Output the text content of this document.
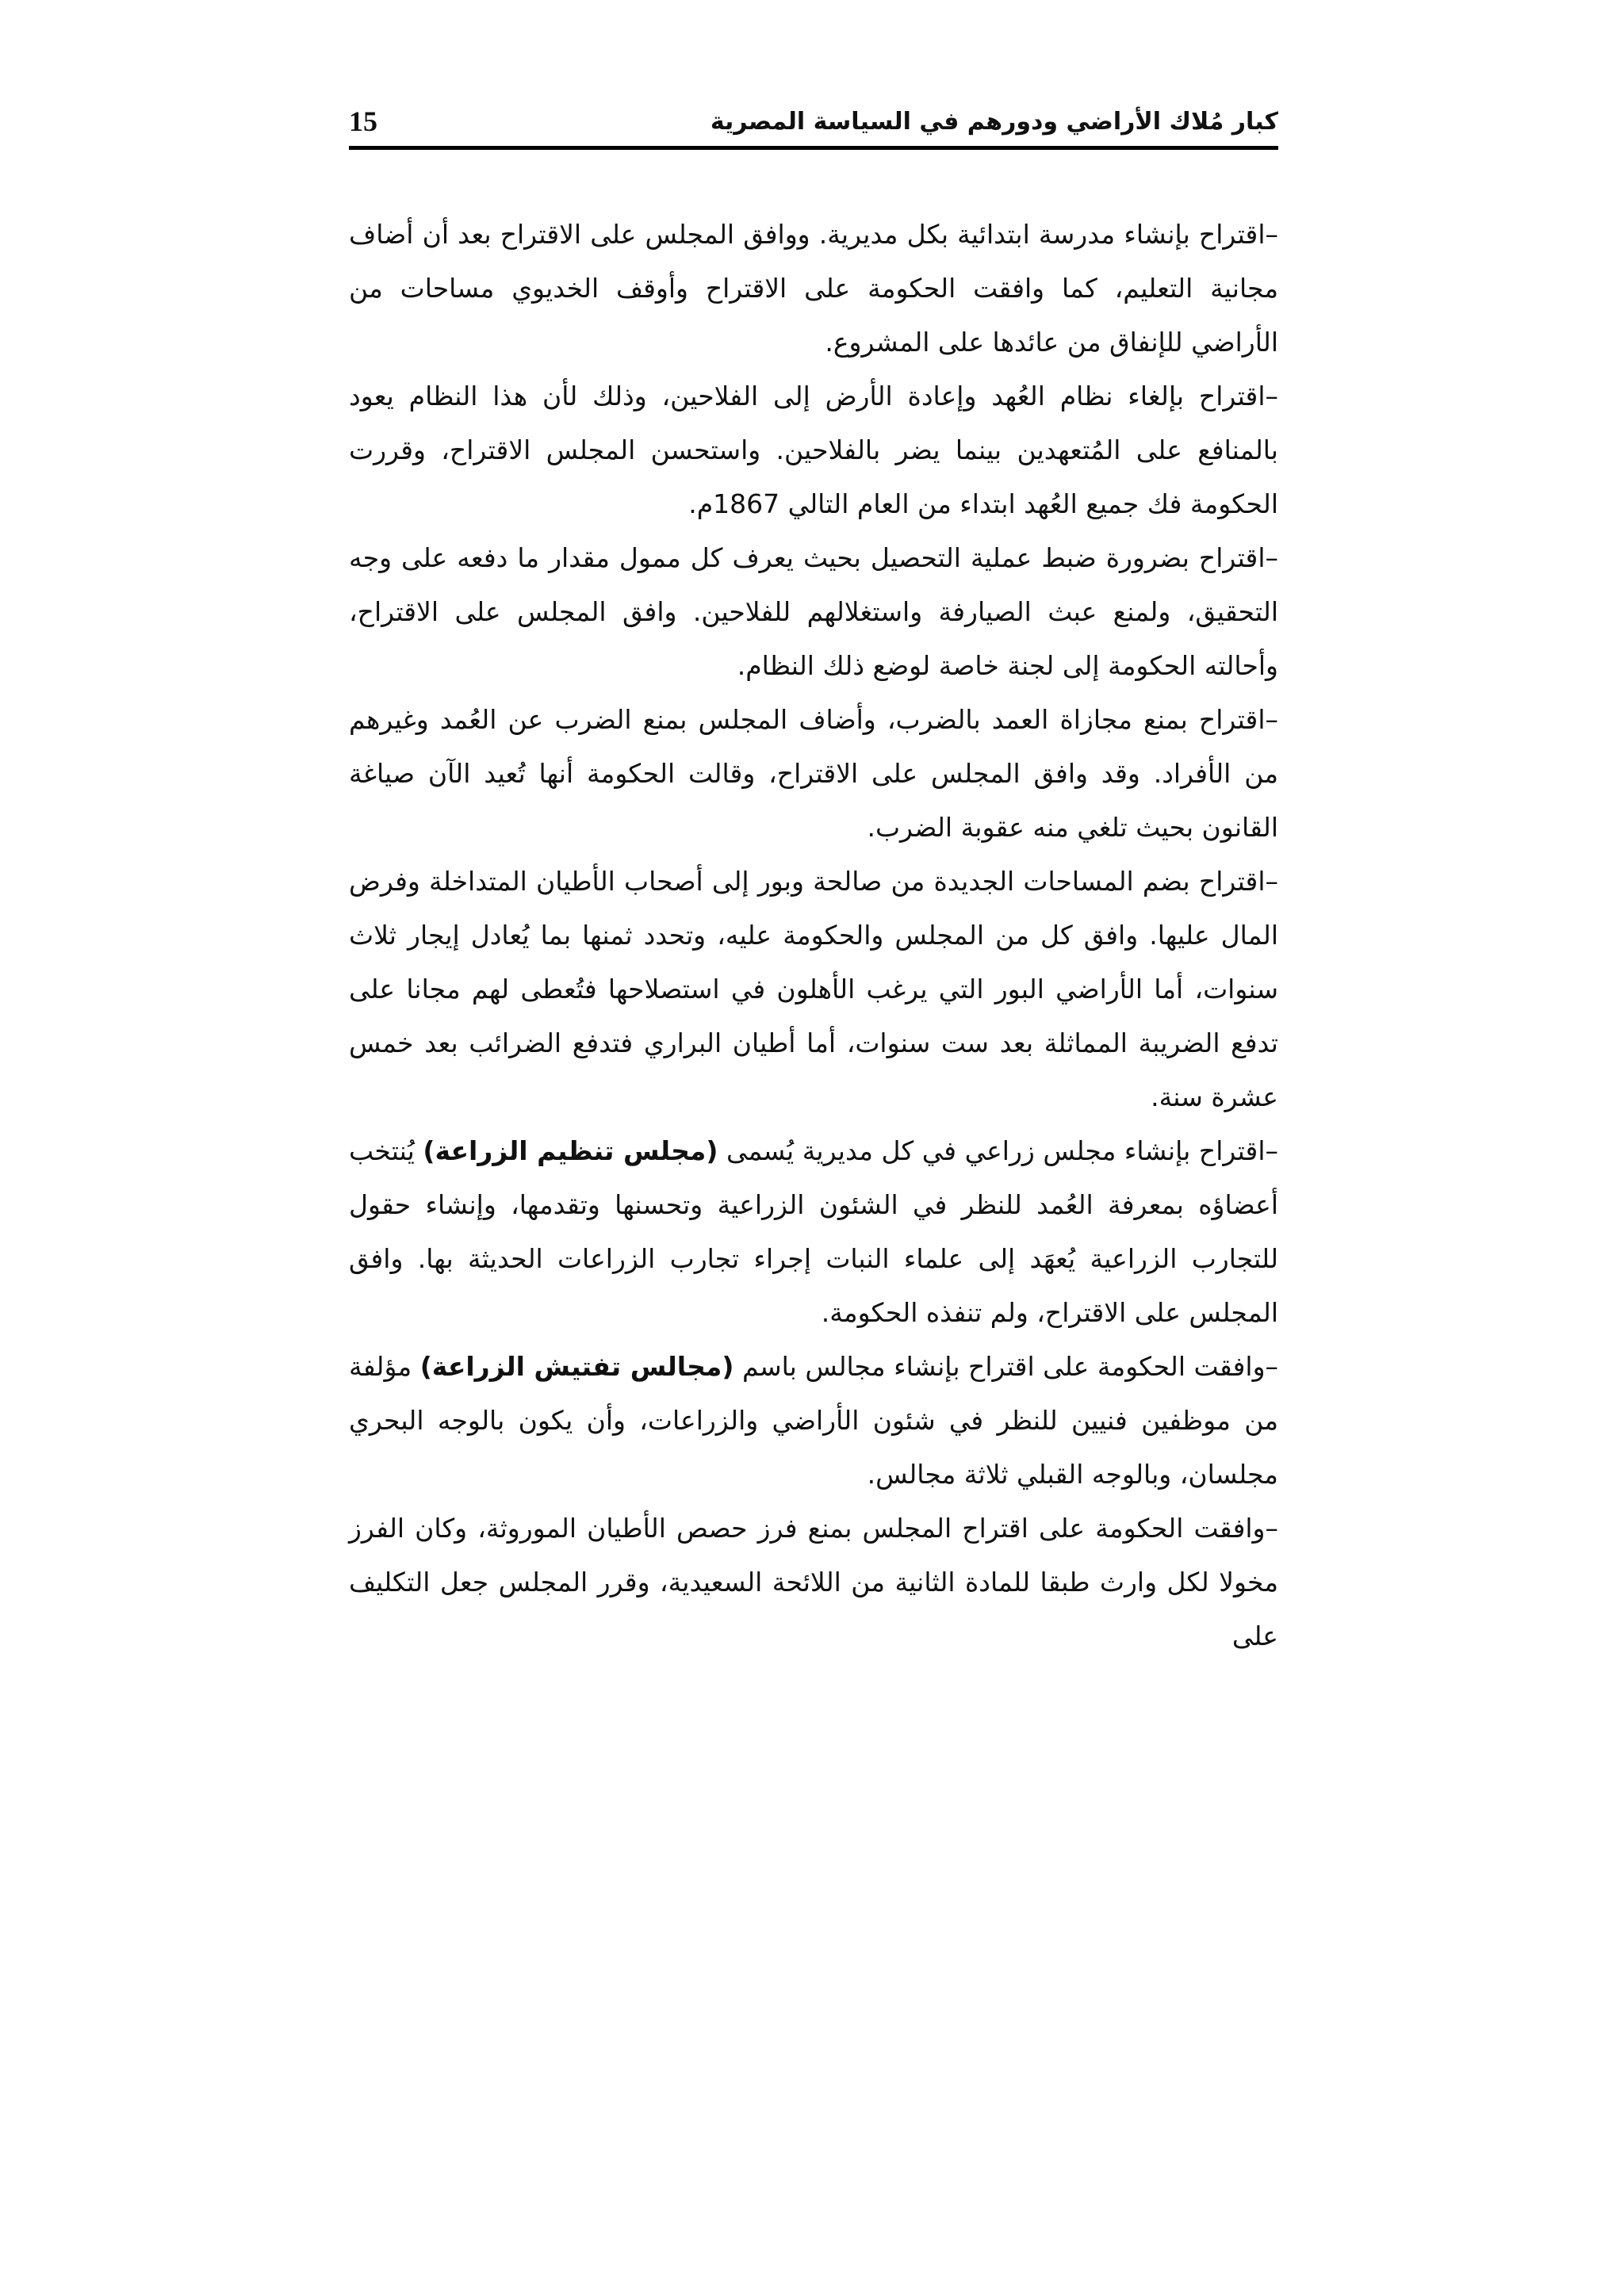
كبار مُلاك الأراضي ودورهم في السياسة المصرية
15

–اقتراح بإنشاء مدرسة ابتدائية بكل مديرية. ووافق المجلس على الاقتراح بعد أن أضاف مجانية التعليم، كما وافقت الحكومة على الاقتراح وأوقف الخديوي مساحات من الأراضي للإنفاق من عائدها على المشروع.

–اقتراح بإلغاء نظام العُهد وإعادة الأرض إلى الفلاحين، وذلك لأن هذا النظام يعود بالمنافع على المُتعهدين بينما يضر بالفلاحين. واستحسن المجلس الاقتراح، وقررت الحكومة فك جميع العُهد ابتداء من العام التالي 1867م.

–اقتراح بضرورة ضبط عملية التحصيل بحيث يعرف كل ممول مقدار ما دفعه على وجه التحقيق، ولمنع عبث الصيارفة واستغلالهم للفلاحين. وافق المجلس على الاقتراح، وأحالته الحكومة إلى لجنة خاصة لوضع ذلك النظام.

–اقتراح بمنع مجازاة العمد بالضرب، وأضاف المجلس بمنع الضرب عن العُمد وغيرهم من الأفراد. وقد وافق المجلس على الاقتراح، وقالت الحكومة أنها تُعيد الآن صياغة القانون بحيث تلغي منه عقوبة الضرب.

–اقتراح بضم المساحات الجديدة من صالحة وبور إلى أصحاب الأطيان المتداخلة وفرض المال عليها. وافق كل من المجلس والحكومة عليه، وتحدد ثمنها بما يُعادل إيجار ثلاث سنوات، أما الأراضي البور التي يرغب الأهلون في استصلاحها فتُعطى لهم مجانا على تدفع الضريبة المماثلة بعد ست سنوات، أما أطيان البراري فتدفع الضرائب بعد خمس عشرة سنة.

–اقتراح بإنشاء مجلس زراعي في كل مديرية يُسمى (مجلس تنظيم الزراعة) يُنتخب أعضاؤه بمعرفة العُمد للنظر في الشئون الزراعية وتحسنها وتقدمها، وإنشاء حقول للتجارب الزراعية يُعهَد إلى علماء النبات إجراء تجارب الزراعات الحديثة بها. وافق المجلس على الاقتراح، ولم تنفذه الحكومة.

–وافقت الحكومة على اقتراح بإنشاء مجالس باسم (مجالس تفتيش الزراعة) مؤلفة من موظفين فنيين للنظر في شئون الأراضي والزراعات، وأن يكون بالوجه البحري مجلسان، وبالوجه القبلي ثلاثة مجالس.

–وافقت الحكومة على اقتراح المجلس بمنع فرز حصص الأطيان الموروثة، وكان الفرز مخولا لكل وارث طبقا للمادة الثانية من اللائحة السعيدية، وقرر المجلس جعل التكليف على
